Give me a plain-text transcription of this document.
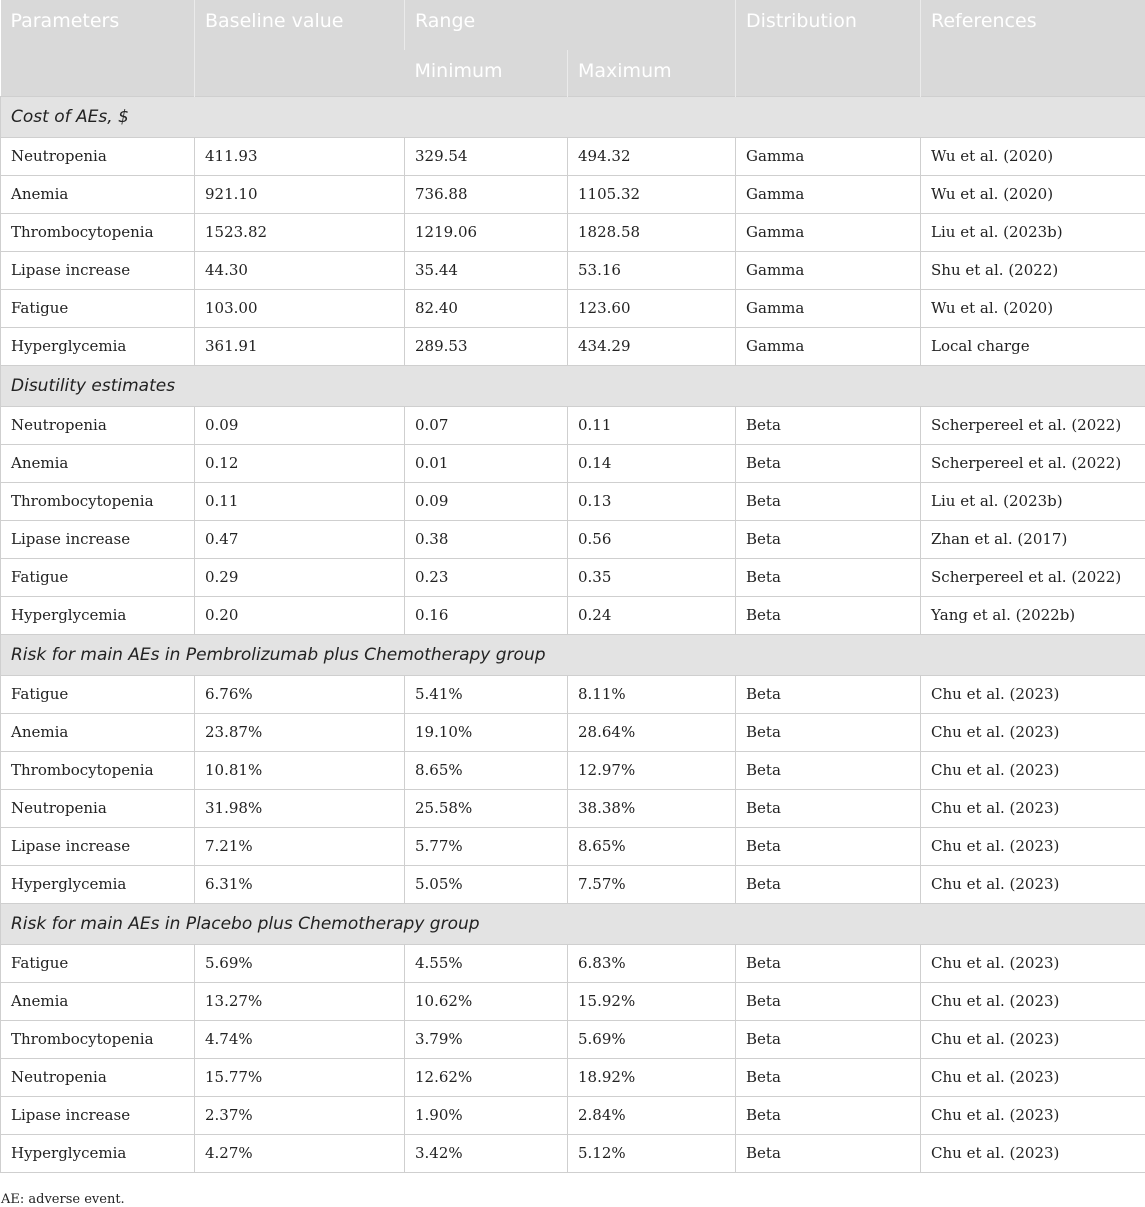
Parameters	Baseline value	Range		Distribution	References
		Minimum	Maximum		
Cost of AEs, $					
Neutropenia	411.93	329.54	494.32	Gamma	Wu et al. (2020)
Anemia	921.10	736.88	1105.32	Gamma	Wu et al. (2020)
Thrombocytopenia	1523.82	1219.06	1828.58	Gamma	Liu et al. (2023b)
Lipase increase	44.30	35.44	53.16	Gamma	Shu et al. (2022)
Fatigue	103.00	82.40	123.60	Gamma	Wu et al. (2020)
Hyperglycemia	361.91	289.53	434.29	Gamma	Local charge
Disutility estimates					
Neutropenia	0.09	0.07	0.11	Beta	Scherpereel et al. (2022)
Anemia	0.12	0.01	0.14	Beta	Scherpereel et al. (2022)
Thrombocytopenia	0.11	0.09	0.13	Beta	Liu et al. (2023b)
Lipase increase	0.47	0.38	0.56	Beta	Zhan et al. (2017)
Fatigue	0.29	0.23	0.35	Beta	Scherpereel et al. (2022)
Hyperglycemia	0.20	0.16	0.24	Beta	Yang et al. (2022b)
Risk for main AEs in Pembrolizumab plus Chemotherapy group					
Fatigue	6.76%	5.41%	8.11%	Beta	Chu et al. (2023)
Anemia	23.87%	19.10%	28.64%	Beta	Chu et al. (2023)
Thrombocytopenia	10.81%	8.65%	12.97%	Beta	Chu et al. (2023)
Neutropenia	31.98%	25.58%	38.38%	Beta	Chu et al. (2023)
Lipase increase	7.21%	5.77%	8.65%	Beta	Chu et al. (2023)
Hyperglycemia	6.31%	5.05%	7.57%	Beta	Chu et al. (2023)
Risk for main AEs in Placebo plus Chemotherapy group					
Fatigue	5.69%	4.55%	6.83%	Beta	Chu et al. (2023)
Anemia	13.27%	10.62%	15.92%	Beta	Chu et al. (2023)
Thrombocytopenia	4.74%	3.79%	5.69%	Beta	Chu et al. (2023)
Neutropenia	15.77%	12.62%	18.92%	Beta	Chu et al. (2023)
Lipase increase	2.37%	1.90%	2.84%	Beta	Chu et al. (2023)
Hyperglycemia	4.27%	3.42%	5.12%	Beta	Chu et al. (2023)
AE: adverse event.
